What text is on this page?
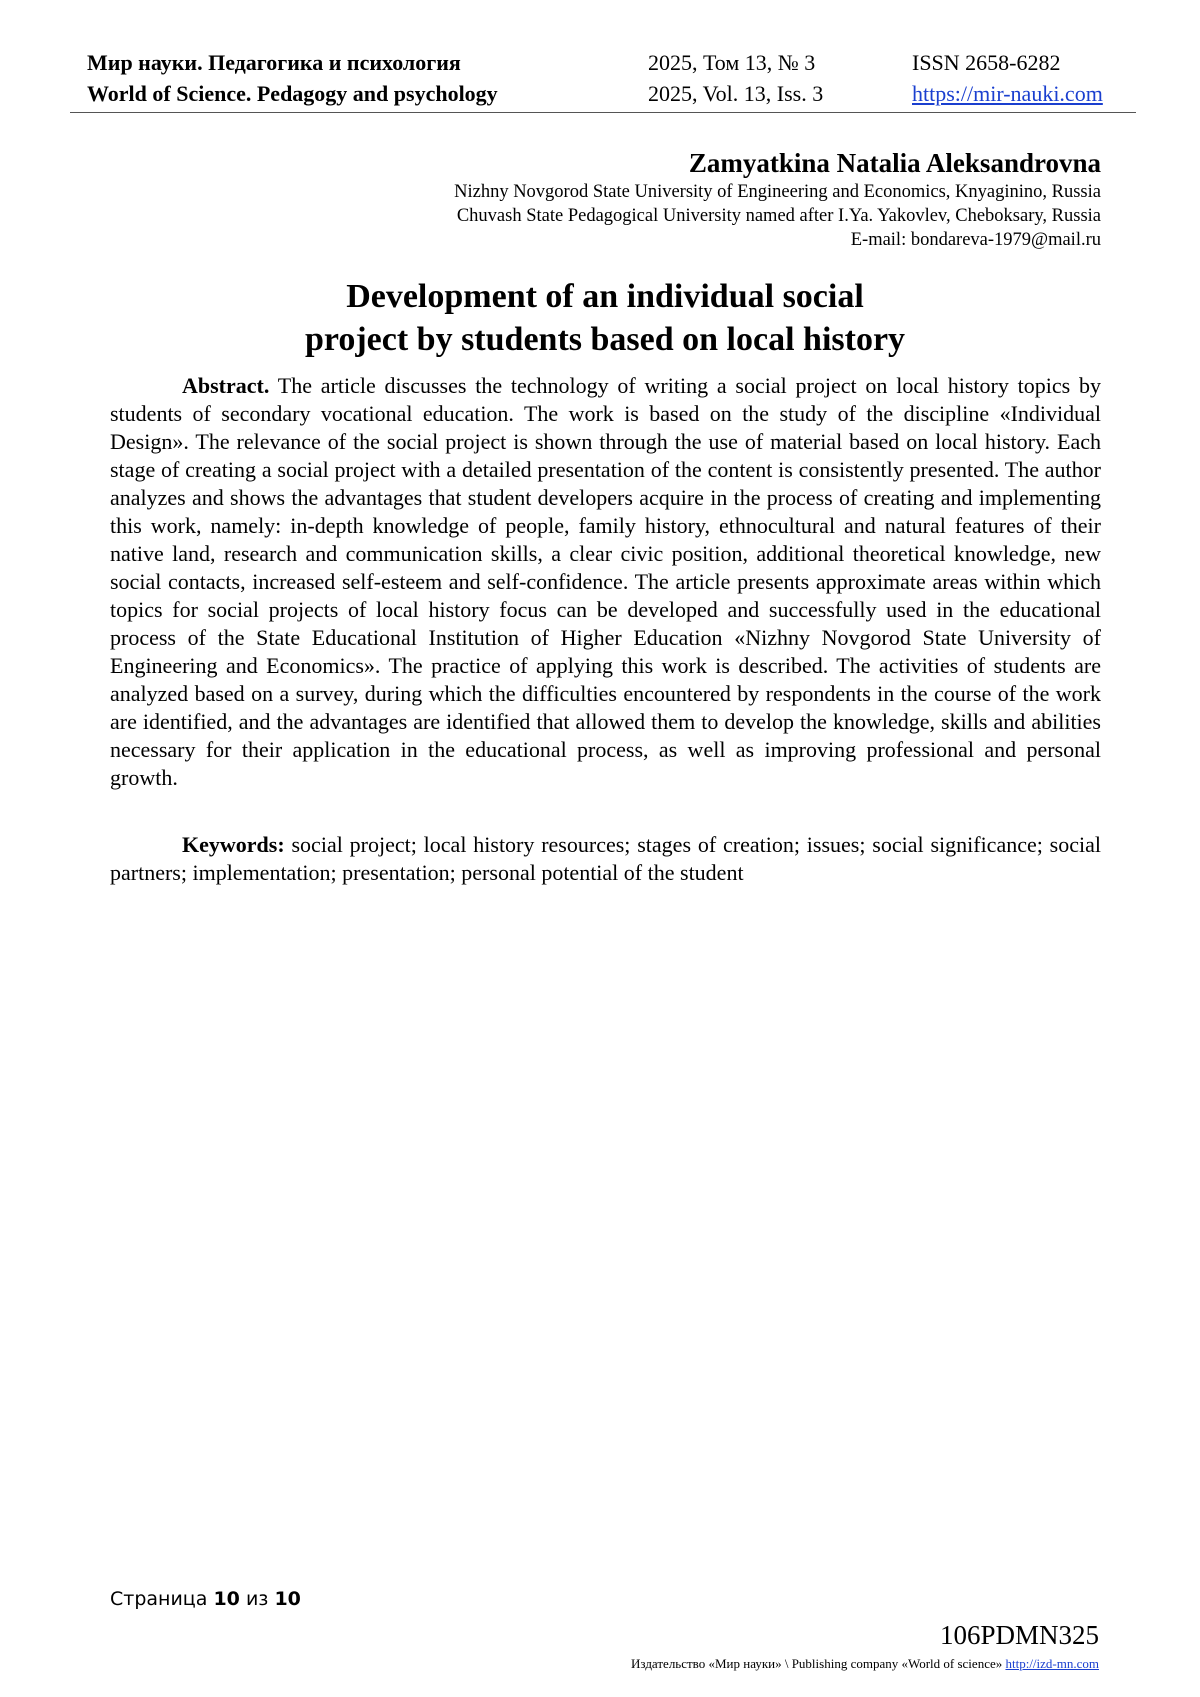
Мир науки. Педагогика и психология	2025, Том 13, № 3	ISSN 2658-6282
World of Science. Pedagogy and psychology	2025, Vol. 13, Iss. 3	https://mir-nauki.com
Zamyatkina Natalia Aleksandrovna
Nizhny Novgorod State University of Engineering and Economics, Knyaginino, Russia
Chuvash State Pedagogical University named after I.Ya. Yakovlev, Cheboksary, Russia
E-mail: bondareva-1979@mail.ru
Development of an individual social
project by students based on local history

Abstract. The article discusses the technology of writing a social project on local history topics by students of secondary vocational education. The work is based on the study of the discipline «Individual Design». The relevance of the social project is shown through the use of material based on local history. Each stage of creating a social project with a detailed presentation of the content is consistently presented. The author analyzes and shows the advantages that student developers acquire in the process of creating and implementing this work, namely: in-depth knowledge of people, family history, ethnocultural and natural features of their native land, research and communication skills, a clear civic position, additional theoretical knowledge, new social contacts, increased self-esteem and self-confidence. The article presents approximate areas within which topics for social projects of local history focus can be developed and successfully used in the educational process of the State Educational Institution of Higher Education «Nizhny Novgorod State University of Engineering and Economics». The practice of applying this work is described. The activities of students are analyzed based on a survey, during which the difficulties encountered by respondents in the course of the work are identified, and the advantages are identified that allowed them to develop the knowledge, skills and abilities necessary for their application in the educational process, as well as improving professional and personal growth.

Keywords: social project; local history resources; stages of creation; issues; social significance; social partners; implementation; presentation; personal potential of the student

Страница 10 из 10
106PDMN325
Издательство «Мир науки» \ Publishing company «World of science» http://izd-mn.com
